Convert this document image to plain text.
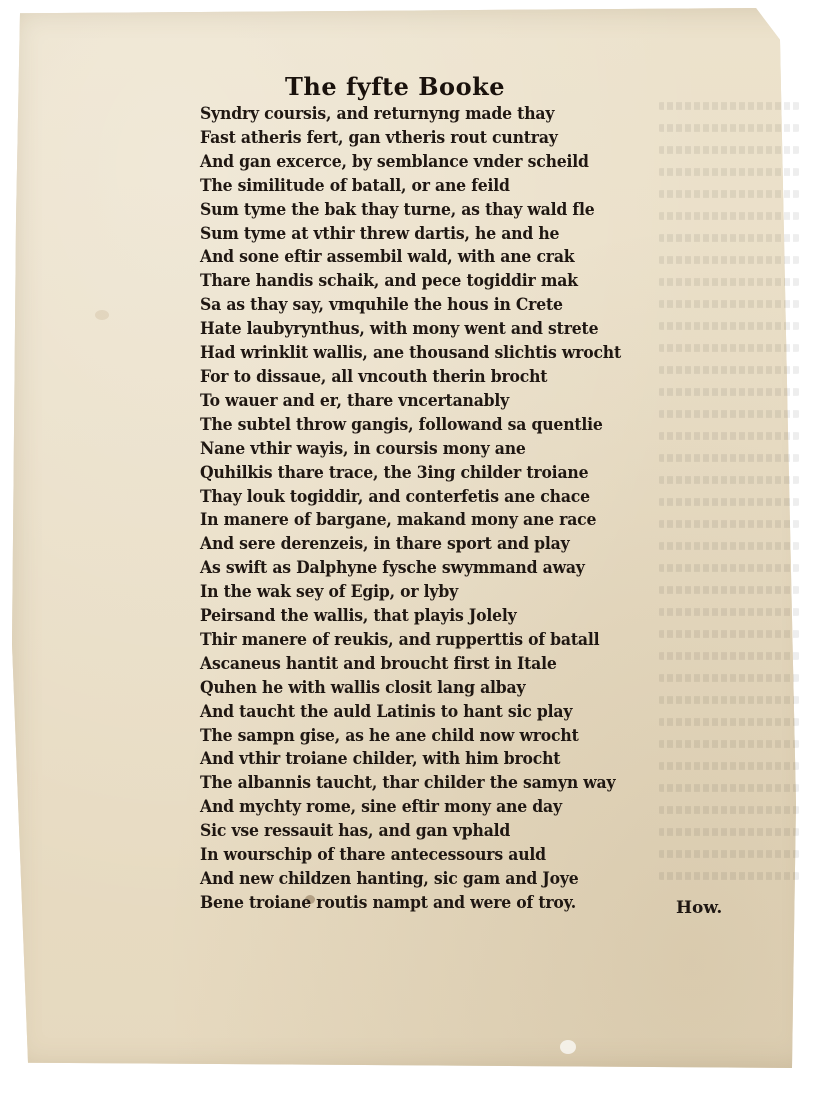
The fyfte Booke
Syndry coursis, and returnyng made thay
Fast atheris fert, gan vtheris rout cuntray
And gan excerce, by semblance vnder scheild
The similitude of batall, or ane feild
Sum tyme the bak thay turne, as thay wald fle
Sum tyme at vthir threw dartis, he and he
And sone eftir assembil wald, with ane crak
Thare handis schaik, and pece togiddir mak
Sa as thay say, vmquhile the hous in Crete
Hate laubyrynthus, with mony went and strete
Had wrinklit wallis, ane thousand slichtis wrocht
For to dissaue, all vncouth therin brocht
To wauer and er, thare vncertanably
The subtel throw gangis, followand sa quentlie
Nane vthir wayis, in coursis mony ane
Quhilkis thare trace, the 3ing childer troiane
Thay louk togiddir, and conterfetis ane chace
In manere of bargane, makand mony ane race
And sere derenzeis, in thare sport and play
As swift as Dalphyne fysche swymmand away
In the wak sey of Egip, or lyby
Peirsand the wallis, that playis Jolely
Thir manere of reukis, and rupperttis of batall
Ascaneus hantit and broucht first in Itale
Quhen he with wallis closit lang albay
And taucht the auld Latinis to hant sic play
The sampn gise, as he ane child now wrocht
And vthir troiane childer, with him brocht
The albannis taucht, thar childer the samyn way
And mychty rome, sine eftir mony ane day
Sic vse ressauit has, and gan vphald
In wourschip of thare antecessours auld
And new childzen hanting, sic gam and Joye
Bene troiane routis nampt and were of troy.	How.
